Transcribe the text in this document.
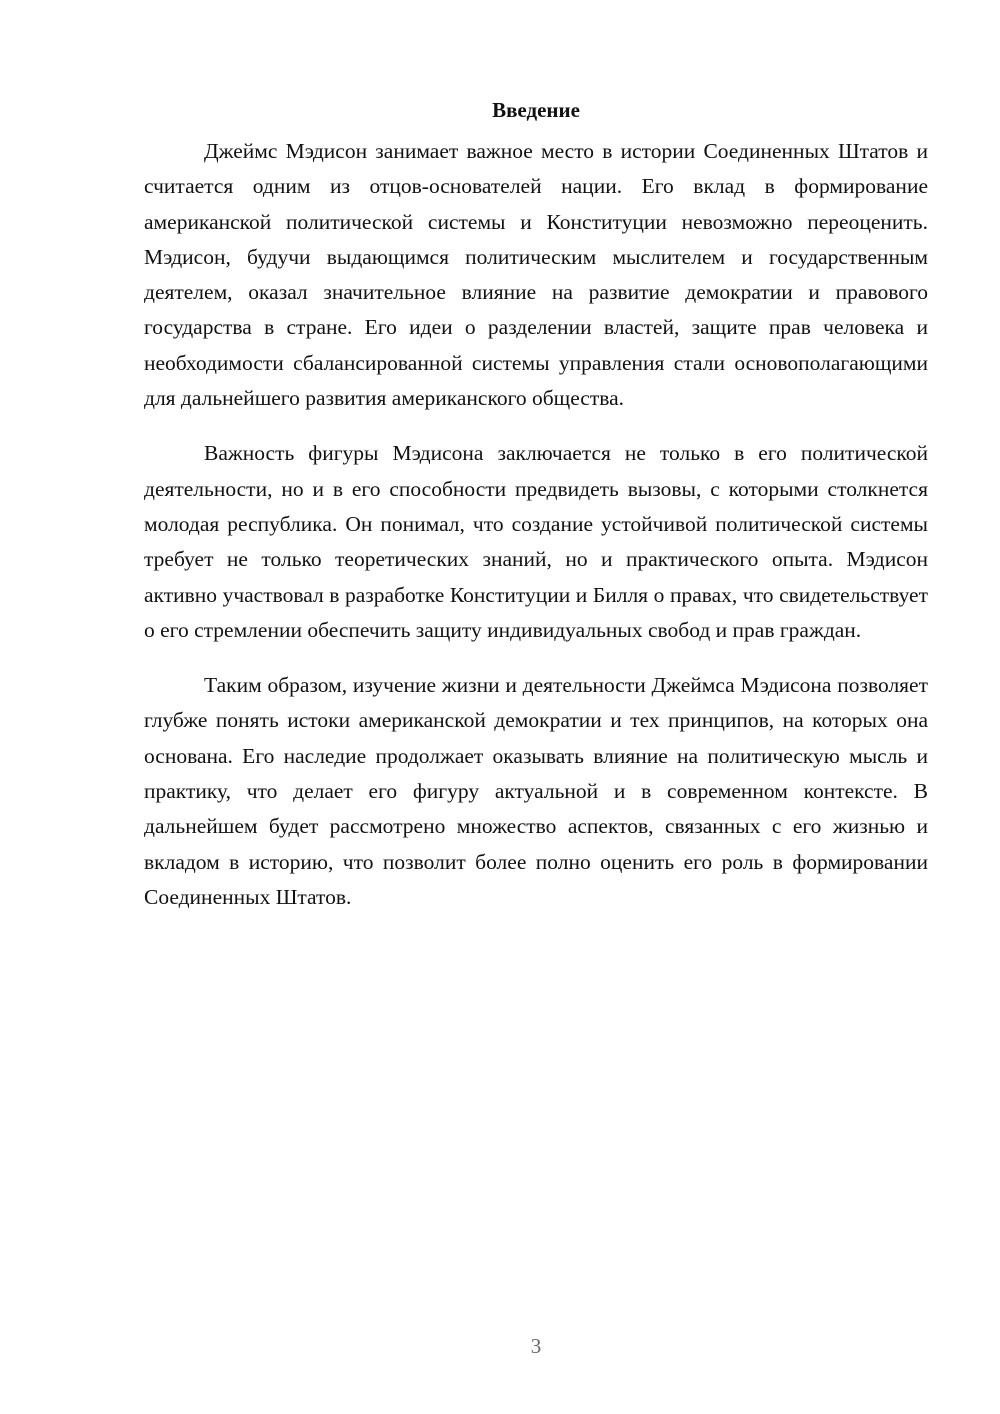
Введение

Джеймс Мэдисон занимает важное место в истории Соединенных Штатов и считается одним из отцов-основателей нации. Его вклад в формирование американской политической системы и Конституции невозможно переоценить. Мэдисон, будучи выдающимся политическим мыслителем и государственным деятелем, оказал значительное влияние на развитие демократии и правового государства в стране. Его идеи о разделении властей, защите прав человека и необходимости сбалансированной системы управления стали основополагающими для дальнейшего развития американского общества.

Важность фигуры Мэдисона заключается не только в его политической деятельности, но и в его способности предвидеть вызовы, с которыми столкнется молодая республика. Он понимал, что создание устойчивой политической системы требует не только теоретических знаний, но и практического опыта. Мэдисон активно участвовал в разработке Конституции и Билля о правах, что свидетельствует о его стремлении обеспечить защиту индивидуальных свобод и прав граждан.

Таким образом, изучение жизни и деятельности Джеймса Мэдисона позволяет глубже понять истоки американской демократии и тех принципов, на которых она основана. Его наследие продолжает оказывать влияние на политическую мысль и практику, что делает его фигуру актуальной и в современном контексте. В дальнейшем будет рассмотрено множество аспектов, связанных с его жизнью и вкладом в историю, что позволит более полно оценить его роль в формировании Соединенных Штатов.

3
